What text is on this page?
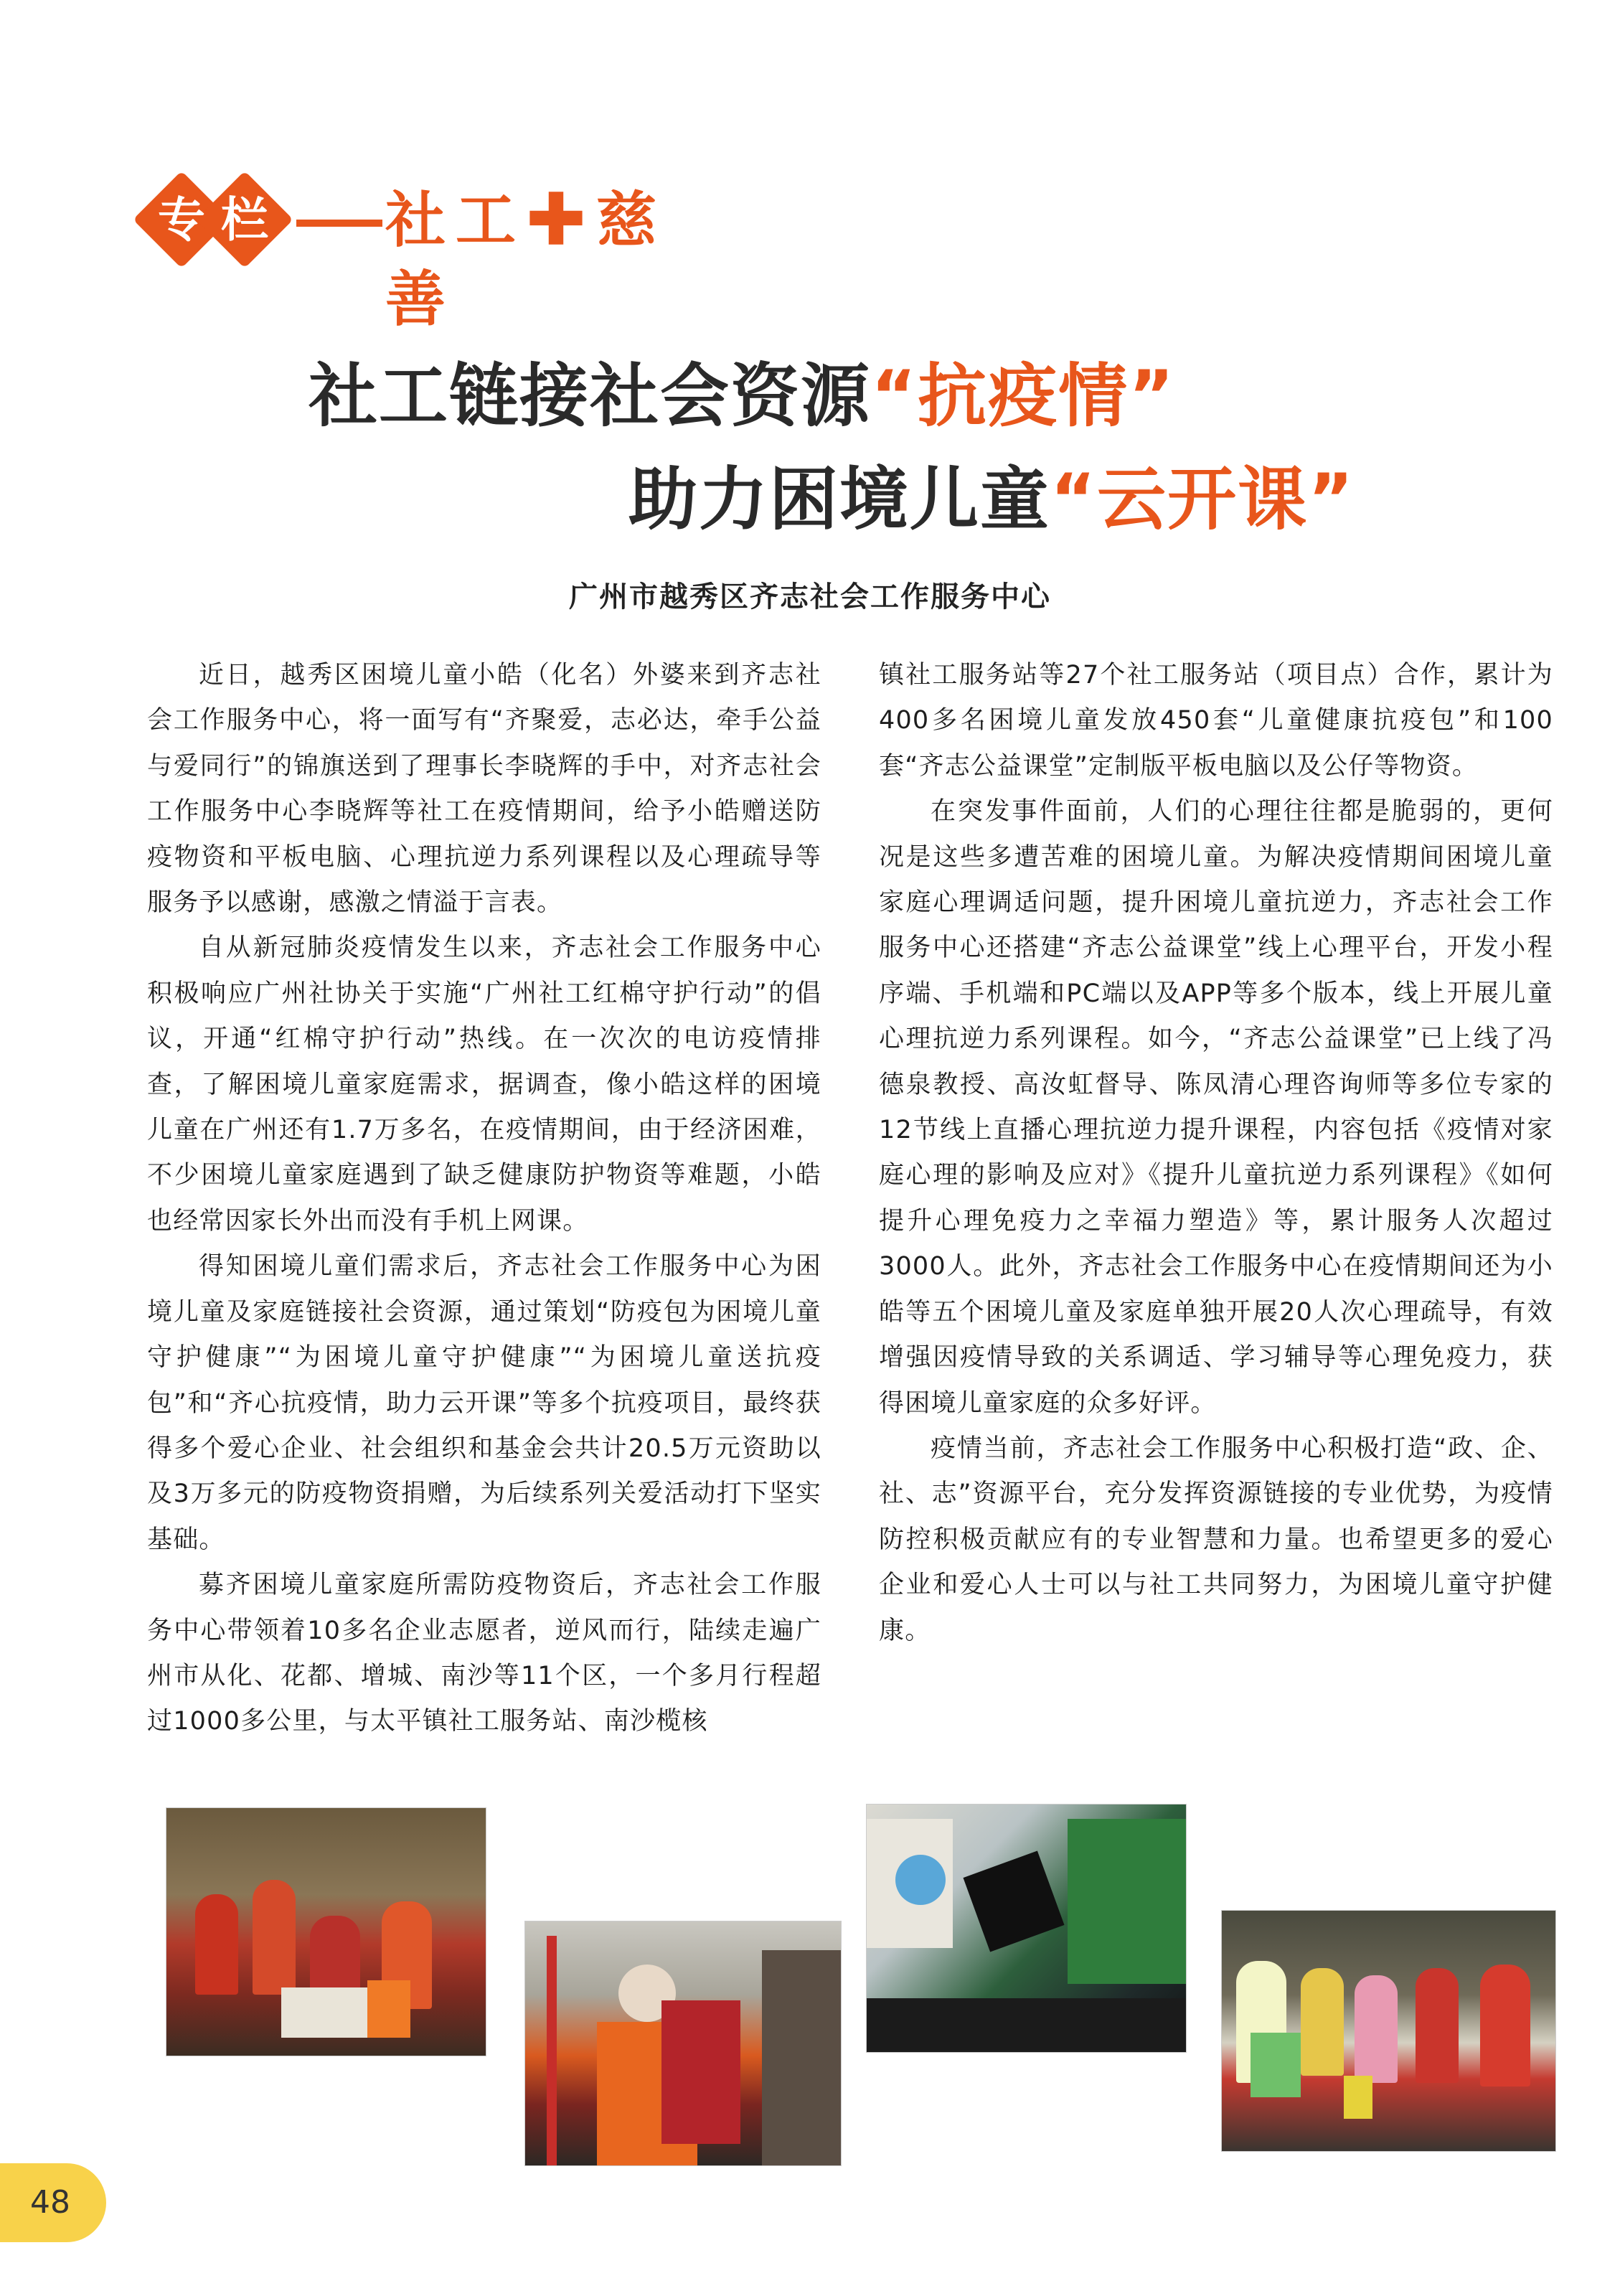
专 栏	社工✚慈善
社工链接社会资源“抗疫情”
助力困境儿童“云开课”
广州市越秀区齐志社会工作服务中心

近日，越秀区困境儿童小皓（化名）外婆来到齐志社会工作服务中心，将一面写有“齐聚爱，志必达，牵手公益与爱同行”的锦旗送到了理事长李晓辉的手中，对齐志社会工作服务中心李晓辉等社工在疫情期间，给予小皓赠送防疫物资和平板电脑、心理抗逆力系列课程以及心理疏导等服务予以感谢，感激之情溢于言表。

自从新冠肺炎疫情发生以来，齐志社会工作服务中心积极响应广州社协关于实施“广州社工红棉守护行动”的倡议，开通“红棉守护行动”热线。在一次次的电访疫情排查，了解困境儿童家庭需求，据调查，像小皓这样的困境儿童在广州还有1.7万多名，在疫情期间，由于经济困难，不少困境儿童家庭遇到了缺乏健康防护物资等难题，小皓也经常因家长外出而没有手机上网课。

得知困境儿童们需求后，齐志社会工作服务中心为困境儿童及家庭链接社会资源，通过策划“防疫包为困境儿童守护健康”“为困境儿童守护健康”“为困境儿童送抗疫包”和“齐心抗疫情，助力云开课”等多个抗疫项目，最终获得多个爱心企业、社会组织和基金会共计20.5万元资助以及3万多元的防疫物资捐赠，为后续系列关爱活动打下坚实基础。

募齐困境儿童家庭所需防疫物资后，齐志社会工作服务中心带领着10多名企业志愿者，逆风而行，陆续走遍广州市从化、花都、增城、南沙等11个区，一个多月行程超过1000多公里，与太平镇社工服务站、南沙榄核

镇社工服务站等27个社工服务站（项目点）合作，累计为400多名困境儿童发放450套“儿童健康抗疫包”和100套“齐志公益课堂”定制版平板电脑以及公仔等物资。

在突发事件面前，人们的心理往往都是脆弱的，更何况是这些多遭苦难的困境儿童。为解决疫情期间困境儿童家庭心理调适问题，提升困境儿童抗逆力，齐志社会工作服务中心还搭建“齐志公益课堂”线上心理平台，开发小程序端、手机端和PC端以及APP等多个版本，线上开展儿童心理抗逆力系列课程。如今，“齐志公益课堂”已上线了冯德泉教授、高汝虹督导、陈凤清心理咨询师等多位专家的12节线上直播心理抗逆力提升课程，内容包括《疫情对家庭心理的影响及应对》《提升儿童抗逆力系列课程》《如何提升心理免疫力之幸福力塑造》等，累计服务人次超过3000人。此外，齐志社会工作服务中心在疫情期间还为小皓等五个困境儿童及家庭单独开展20人次心理疏导，有效增强因疫情导致的关系调适、学习辅导等心理免疫力，获得困境儿童家庭的众多好评。

疫情当前，齐志社会工作服务中心积极打造“政、企、社、志”资源平台，充分发挥资源链接的专业优势，为疫情防控积极贡献应有的专业智慧和力量。也希望更多的爱心企业和爱心人士可以与社工共同努力，为困境儿童守护健康。

48
